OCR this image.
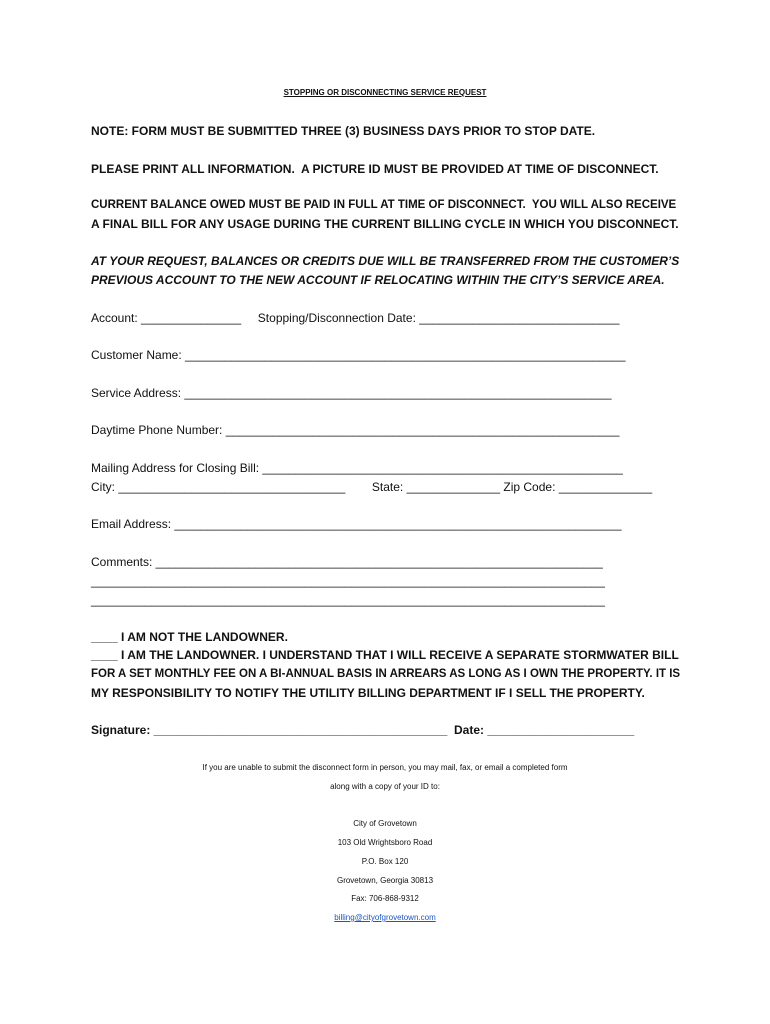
STOPPING OR DISCONNECTING SERVICE REQUEST
NOTE: FORM MUST BE SUBMITTED THREE (3) BUSINESS DAYS PRIOR TO STOP DATE.
PLEASE PRINT ALL INFORMATION.  A PICTURE ID MUST BE PROVIDED AT TIME OF DISCONNECT.
CURRENT BALANCE OWED MUST BE PAID IN FULL AT TIME OF DISCONNECT.  YOU WILL ALSO RECEIVE
A FINAL BILL FOR ANY USAGE DURING THE CURRENT BILLING CYCLE IN WHICH YOU DISCONNECT.
AT YOUR REQUEST, BALANCES OR CREDITS DUE WILL BE TRANSFERRED FROM THE CUSTOMER’S
PREVIOUS ACCOUNT TO THE NEW ACCOUNT IF RELOCATING WITHIN THE CITY’S SERVICE AREA.
Account: _______________     Stopping/Disconnection Date: ______________________________
Customer Name: __________________________________________________________________
Service Address: ________________________________________________________________
Daytime Phone Number: ___________________________________________________________
Mailing Address for Closing Bill: ______________________________________________________
City: __________________________________        State: ______________ Zip Code: ______________
Email Address: ___________________________________________________________________
Comments: ___________________________________________________________________
_____________________________________________________________________________
_____________________________________________________________________________
____ I AM NOT THE LANDOWNER.
____ I AM THE LANDOWNER. I UNDERSTAND THAT I WILL RECEIVE A SEPARATE STORMWATER BILL
FOR A SET MONTHLY FEE ON A BI-ANNUAL BASIS IN ARREARS AS LONG AS I OWN THE PROPERTY. IT IS
MY RESPONSIBILITY TO NOTIFY THE UTILITY BILLING DEPARTMENT IF I SELL THE PROPERTY.
Signature: ____________________________________________  Date: ______________________
If you are unable to submit the disconnect form in person, you may mail, fax, or email a completed form
along with a copy of your ID to:
City of Grovetown
103 Old Wrightsboro Road
P.O. Box 120
Grovetown, Georgia 30813
Fax: 706-868-9312
billing@cityofgrovetown.com
